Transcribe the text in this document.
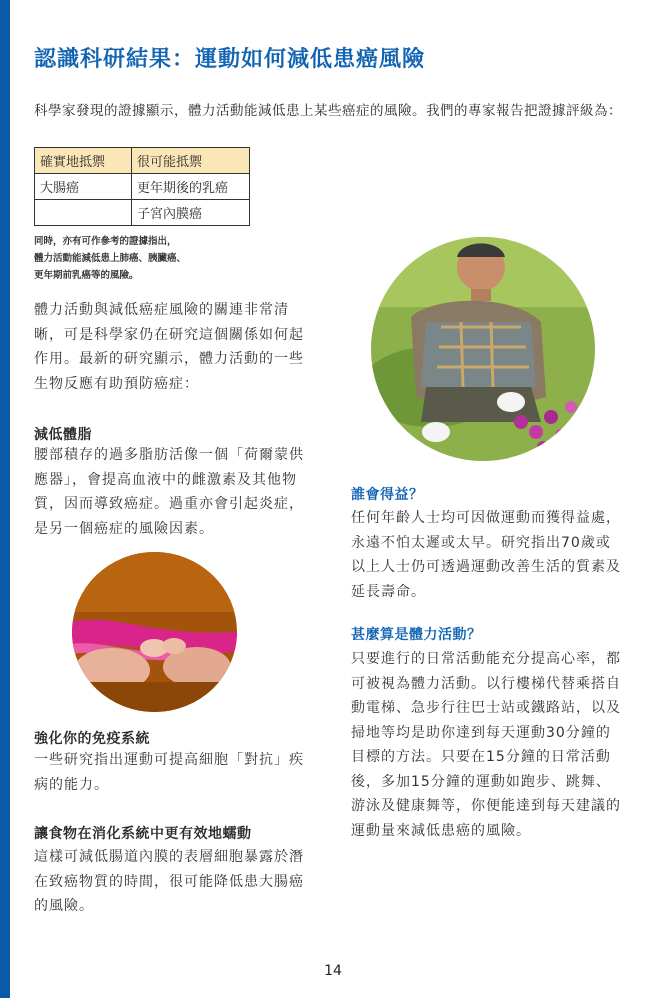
認識科研結果：運動如何減低患癌風險

科學家發現的證據顯示，體力活動能減低患上某些癌症的風險。我們的專家報告把證據評級為：

確實地抵禦	很可能抵禦
大腸癌	更年期後的乳癌
	子宮內膜癌
同時，亦有可作參考的證據指出，
體力活動能減低患上肺癌、胰臟癌、
更年期前乳癌等的風險。

體力活動與減低癌症風險的關連非常清晰，可是科學家仍在研究這個關係如何起作用。最新的研究顯示，體力活動的一些生物反應有助預防癌症：

減低體脂

腰部積存的過多脂肪活像一個「荷爾蒙供應器」，會提高血液中的雌激素及其他物質，因而導致癌症。過重亦會引起炎症，是另一個癌症的風險因素。

強化你的免疫系統

一些研究指出運動可提高細胞「對抗」疾病的能力。

讓食物在消化系統中更有效地蠕動

這樣可減低腸道內膜的表層細胞暴露於潛在致癌物質的時間，很可能降低患大腸癌的風險。

誰會得益？

任何年齡人士均可因做運動而獲得益處，永遠不怕太遲或太早。研究指出70歲或以上人士仍可透過運動改善生活的質素及延長壽命。

甚麼算是體力活動？

只要進行的日常活動能充分提高心率，都可被視為體力活動。以行樓梯代替乘搭自動電梯、急步行往巴士站或鐵路站，以及掃地等均是助你達到每天運動30分鐘的目標的方法。只要在15分鐘的日常活動後，多加15分鐘的運動如跑步、跳舞、游泳及健康舞等，你便能達到每天建議的運動量來減低患癌的風險。

14
